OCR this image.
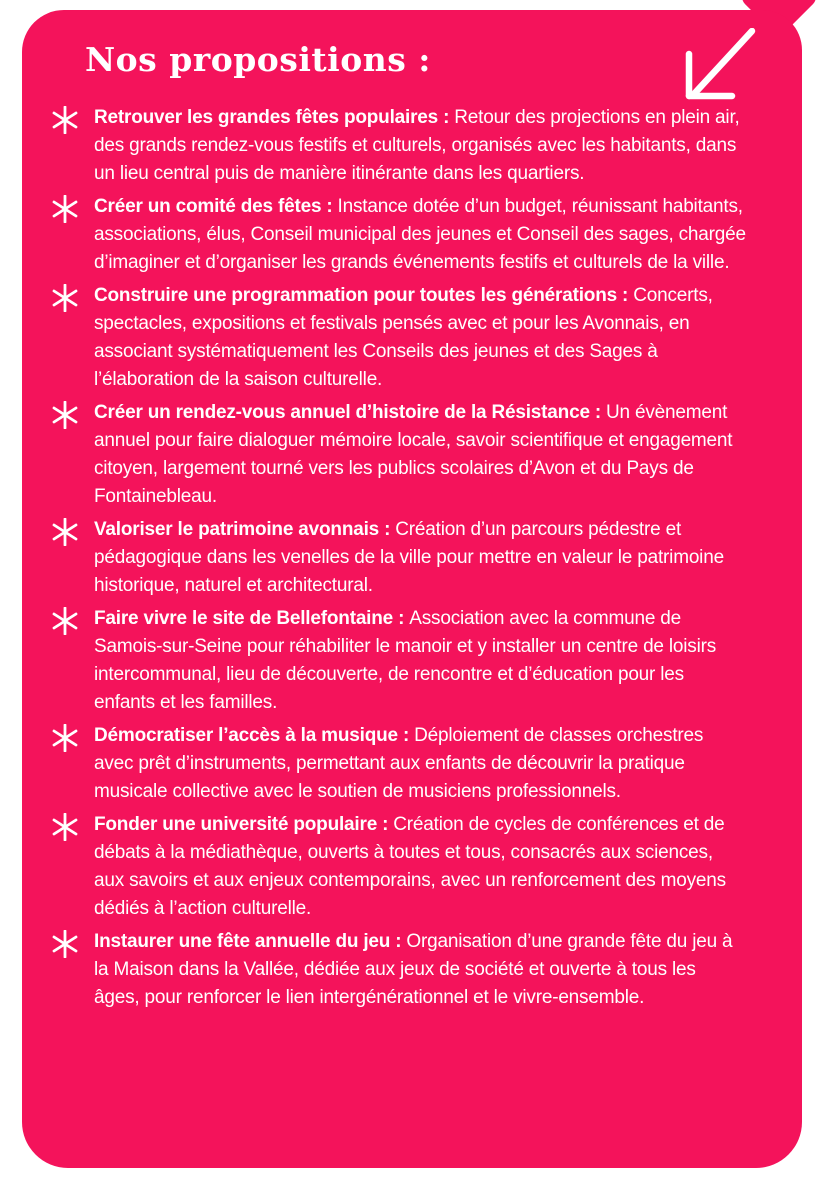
Nos propositions :

Retrouver les grandes fêtes populaires : Retour des projections en plein air, des grands rendez-vous festifs et culturels, organisés avec les habitants, dans un lieu central puis de manière itinérante dans les quartiers.

Créer un comité des fêtes : Instance dotée d’un budget, réunissant habitants, associations, élus, Conseil municipal des jeunes et Conseil des sages, chargée d’imaginer et d’organiser les grands événements festifs et culturels de la ville.

Construire une programmation pour toutes les générations : Concerts, spectacles, expositions et festivals pensés avec et pour les Avonnais, en associant systématiquement les Conseils des jeunes et des Sages à l’élaboration de la saison culturelle.

Créer un rendez-vous annuel d’histoire de la Résistance : Un évènement annuel pour faire dialoguer mémoire locale, savoir scientifique et engagement citoyen, largement tourné vers les publics scolaires d’Avon et du Pays de Fontainebleau.

Valoriser le patrimoine avonnais : Création d’un parcours pédestre et pédagogique dans les venelles de la ville pour mettre en valeur le patrimoine historique, naturel et architectural.

Faire vivre le site de Bellefontaine : Association avec la commune de Samois-sur-Seine pour réhabiliter le manoir et y installer un centre de loisirs intercommunal, lieu de découverte, de rencontre et d’éducation pour les enfants et les familles.

Démocratiser l’accès à la musique : Déploiement de classes orchestres avec prêt d’instruments, permettant aux enfants de découvrir la pratique musicale collective avec le soutien de musiciens professionnels.

Fonder une université populaire : Création de cycles de conférences et de débats à la médiathèque, ouverts à toutes et tous, consacrés aux sciences, aux savoirs et aux enjeux contemporains, avec un renforcement des moyens dédiés à l’action culturelle.

Instaurer une fête annuelle du jeu : Organisation d’une grande fête du jeu à la Maison dans la Vallée, dédiée aux jeux de société et ouverte à tous les âges, pour renforcer le lien intergénérationnel et le vivre-ensemble.
